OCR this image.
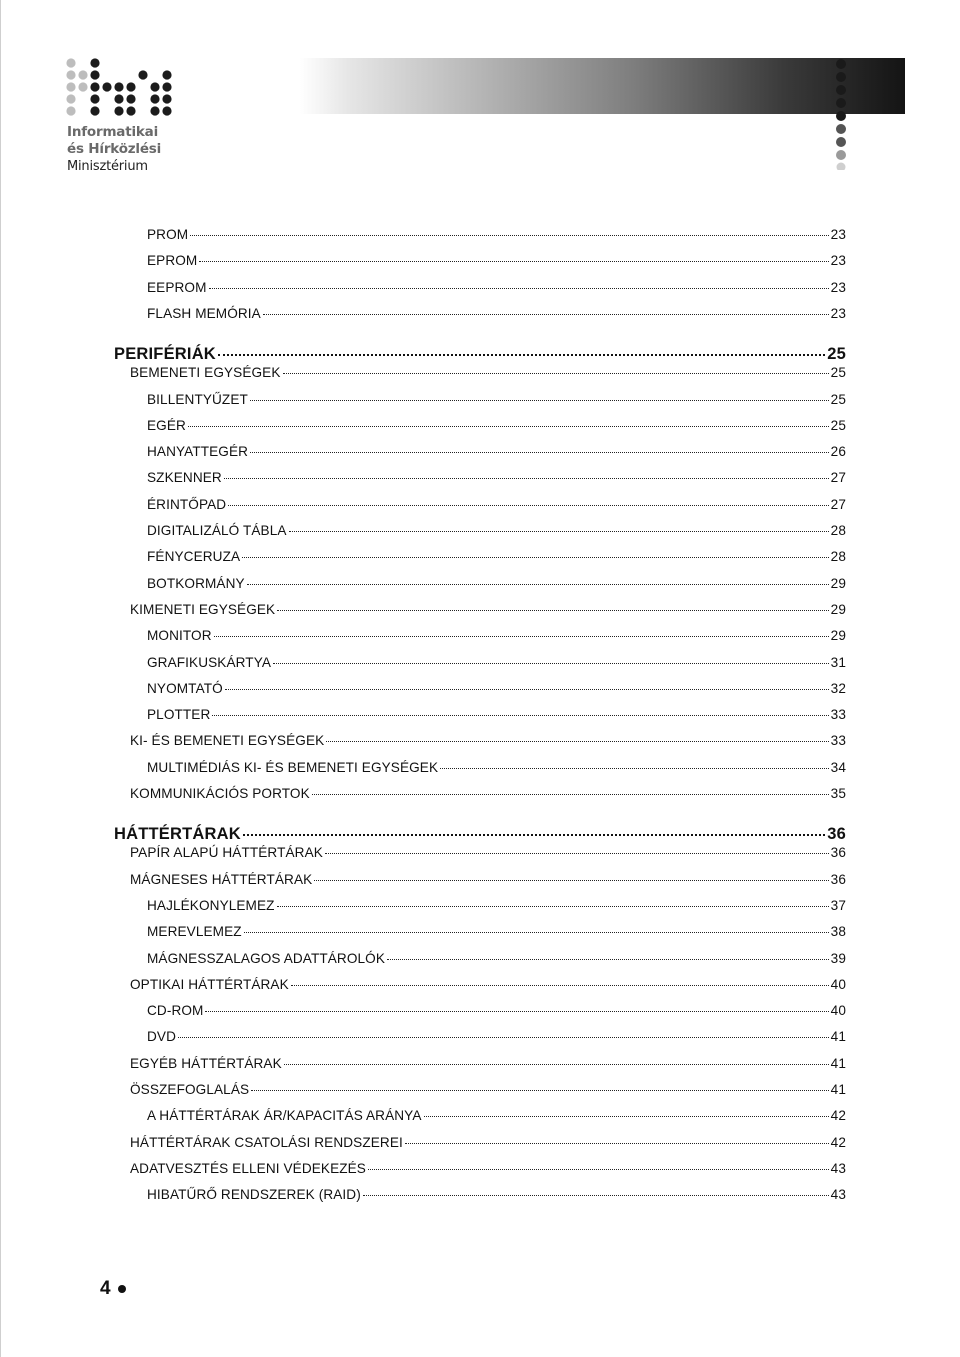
Informatikai
és Hírközlési
Minisztérium
PROM	23
EPROM	23
EEPROM	23
FLASH MEMÓRIA	23
PERIFÉRIÁK	25
BEMENETI EGYSÉGEK	25
BILLENTYŰZET	25
EGÉR	25
HANYATTEGÉR	26
SZKENNER	27
ÉRINTŐPAD	27
DIGITALIZÁLÓ TÁBLA	28
FÉNYCERUZA	28
BOTKORMÁNY	29
KIMENETI EGYSÉGEK	29
MONITOR	29
GRAFIKUSKÁRTYA	31
NYOMTATÓ	32
PLOTTER	33
KI- ÉS BEMENETI EGYSÉGEK	33
MULTIMÉDIÁS KI- ÉS BEMENETI EGYSÉGEK	34
KOMMUNIKÁCIÓS PORTOK	35
HÁTTÉRTÁRAK	36
PAPÍR ALAPÚ HÁTTÉRTÁRAK	36
MÁGNESES HÁTTÉRTÁRAK	36
HAJLÉKONYLEMEZ	37
MEREVLEMEZ	38
MÁGNESSZALAGOS ADATTÁROLÓK	39
OPTIKAI HÁTTÉRTÁRAK	40
CD-ROM	40
DVD	41
EGYÉB HÁTTÉRTÁRAK	41
ÖSSZEFOGLALÁS	41
A HÁTTÉRTÁRAK ÁR/KAPACITÁS ARÁNYA	42
HÁTTÉRTÁRAK CSATOLÁSI RENDSZEREI	42
ADATVESZTÉS ELLENI VÉDEKEZÉS	43
HIBATŰRŐ RENDSZEREK (RAID)	43
4
